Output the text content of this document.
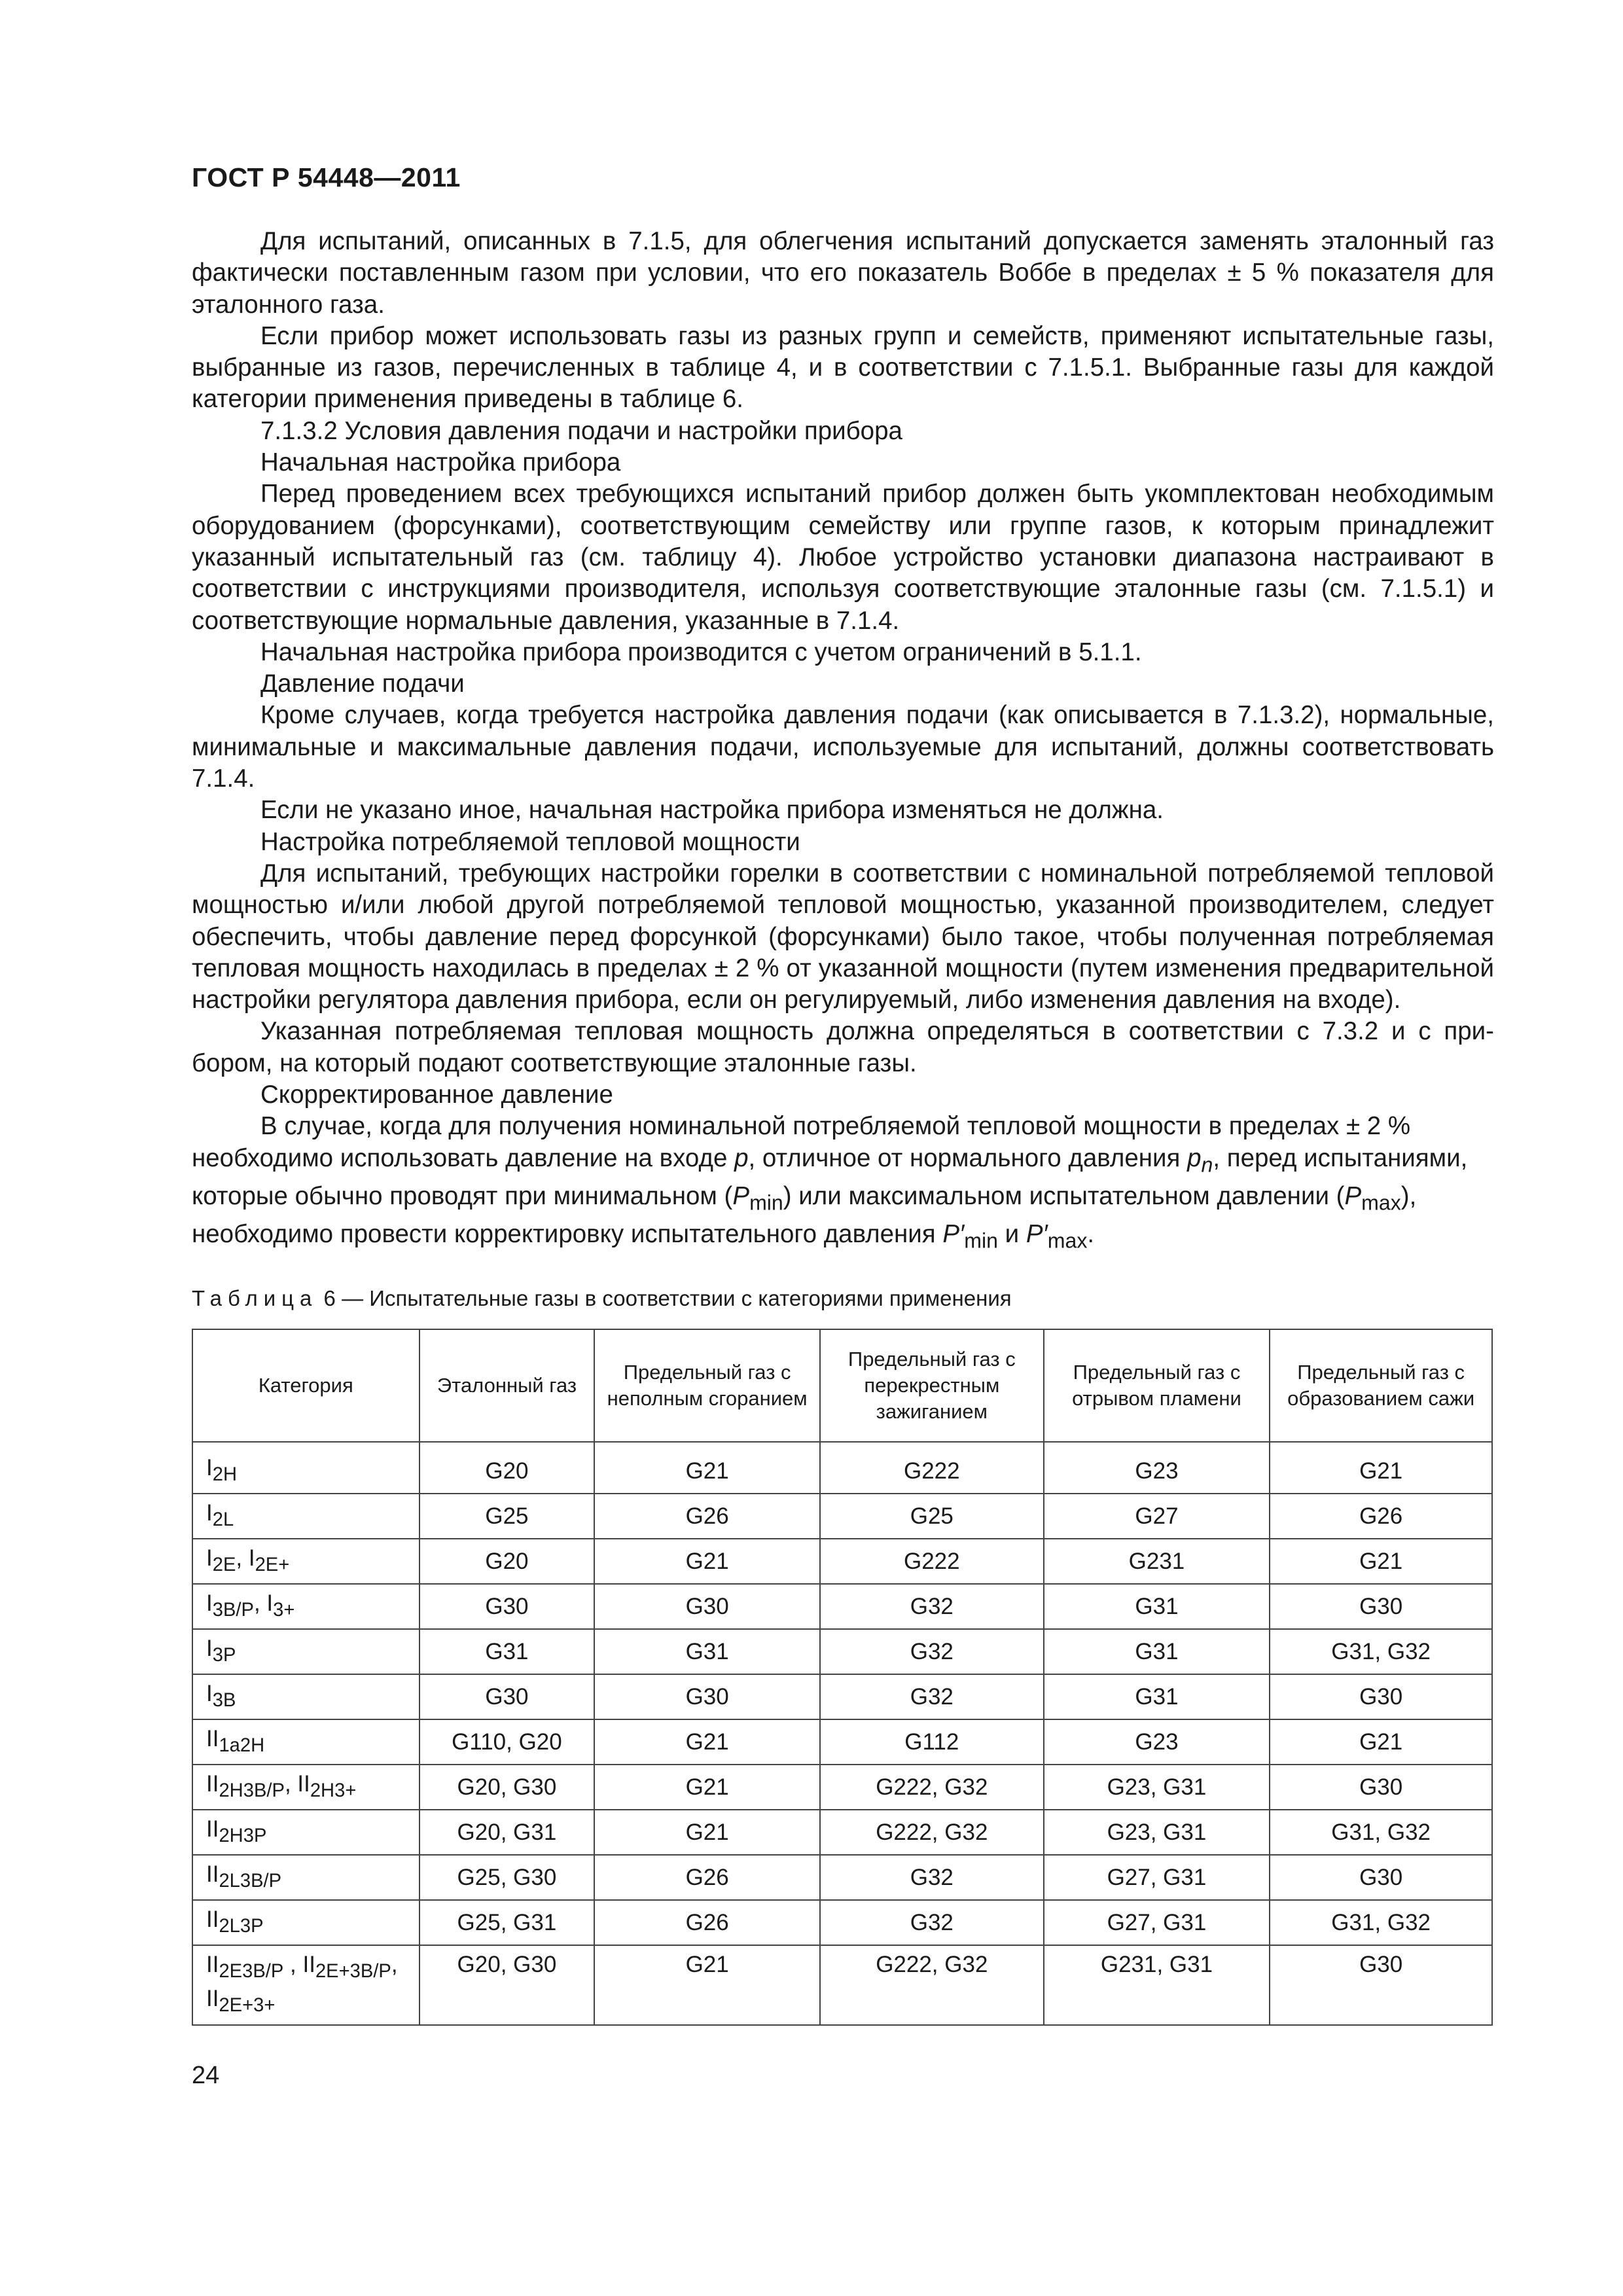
ГОСТ Р 54448—2011

Для испытаний, описанных в 7.1.5, для облегчения испытаний допускается заменять эталонный газ фактически поставленным газом при условии, что его показатель Воббе в пределах ± 5 % показателя для эталонного газа.

Если прибор может использовать газы из разных групп и семейств, применяют испытательные газы, выбранные из газов, перечисленных в таблице 4, и в соответствии с 7.1.5.1. Выбранные газы для каждой категории применения приведены в таблице 6.

7.1.3.2 Условия давления подачи и настройки прибора

Начальная настройка прибора

Перед проведением всех требующихся испытаний прибор должен быть укомплектован необходимым оборудованием (форсунками), соответствующим семейству или группе газов, к которым принадлежит указанный испытательный газ (см. таблицу 4). Любое устройство установки диапазона настраивают в соответствии с инструкциями производителя, используя соответствующие эталонные газы (см. 7.1.5.1) и соответствующие нормальные давления, указанные в 7.1.4.

Начальная настройка прибора производится с учетом ограничений в 5.1.1.

Давление подачи

Кроме случаев, когда требуется настройка давления подачи (как описывается в 7.1.3.2), нормальные, минимальные и максимальные давления подачи, используемые для испытаний, должны соответствовать 7.1.4.

Если не указано иное, начальная настройка прибора изменяться не должна.

Настройка потребляемой тепловой мощности

Для испытаний, требующих настройки горелки в соответствии с номинальной потребляемой тепловой мощностью и/или любой другой потребляемой тепловой мощностью, указанной производителем, следует обеспечить, чтобы давление перед форсункой (форсунками) было такое, чтобы полученная потребляемая тепловая мощность находилась в пределах ± 2 % от указанной мощности (путем изменения предварительной настройки регулятора давления прибора, если он регулируемый, либо изменения давления на входе).

Указанная потребляемая тепловая мощность должна определяться в соответствии с 7.3.2 и с прибором, на который подают соответствующие эталонные газы.

Скорректированное давление

В случае, когда для получения номинальной потребляемой тепловой мощности в пределах ± 2 % необходимо использовать давление на входе p, отличное от нормального давления $p_n$, перед испытаниями, которые обычно проводят при минимальном $(P_{min})$ или максимальном испытательном давлении $(P_{max})$, необходимо провести корректировку испытательного давления $P'_{min}$ и $P'_{max}$.

Таблица 6 — Испытательные газы в соответствии с категориями применения
Категория	Эталонный газ	Предельный газ с неполным сгоранием	Предельный газ с перекрестным зажиганием	Предельный газ с отрывом пламени	Предельный газ с образованием сажи
$I_{2H}$	G20	G21	G222	G23	G21
$I_{2L}$	G25	G26	G25	G27	G26
$I_{2E}$, $I_{2E+}$	G20	G21	G222	G231	G21
$I_{3B/P}$, $I_{3+}$	G30	G30	G32	G31	G30
$I_{3P}$	G31	G31	G32	G31	G31, G32
$I_{3B}$	G30	G30	G32	G31	G30
$II_{1a2H}$	G110, G20	G21	G112	G23	G21
$II_{2H3B/P}$, $II_{2H3+}$	G20, G30	G21	G222, G32	G23, G31	G30
$II_{2H3P}$	G20, G31	G21	G222, G32	G23, G31	G31, G32
$II_{2L3B/P}$	G25, G30	G26	G32	G27, G31	G30
$II_{2L3P}$	G25, G31	G26	G32	G27, G31	G31, G32
$II_{2E3B/P}$ , $II_{2E+3B/P}$,
$II_{2E+3+}$	G20, G30	G21	G222, G32	G231, G31	G30
24
